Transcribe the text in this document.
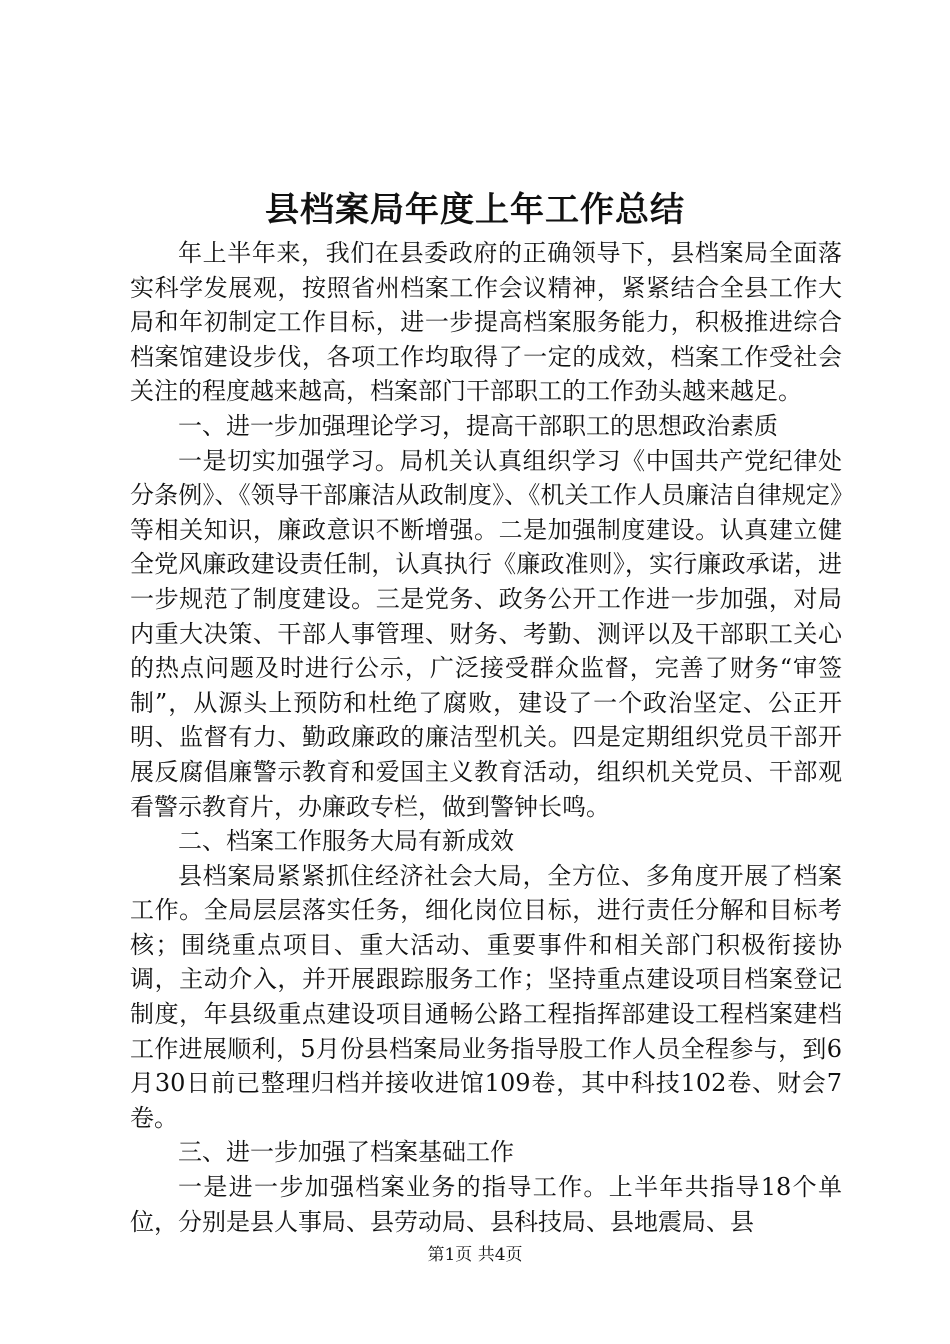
县档案局年度上年工作总结

年上半年来，我们在县委政府的正确领导下，县档案局全面落实科学发展观，按照省州档案工作会议精神，紧紧结合全县工作大局和年初制定工作目标，进一步提高档案服务能力，积极推进综合档案馆建设步伐，各项工作均取得了一定的成效，档案工作受社会关注的程度越来越高，档案部门干部职工的工作劲头越来越足。

一、进一步加强理论学习，提高干部职工的思想政治素质

一是切实加强学习。局机关认真组织学习《中国共产党纪律处分条例》、《领导干部廉洁从政制度》、《机关工作人员廉洁自律规定》等相关知识，廉政意识不断增强。二是加强制度建设。认真建立健全党风廉政建设责任制，认真执行《廉政准则》，实行廉政承诺，进一步规范了制度建设。三是党务、政务公开工作进一步加强，对局内重大决策、干部人事管理、财务、考勤、测评以及干部职工关心的热点问题及时进行公示，广泛接受群众监督，完善了财务“审签制”，从源头上预防和杜绝了腐败，建设了一个政治坚定、公正开明、监督有力、勤政廉政的廉洁型机关。四是定期组织党员干部开展反腐倡廉警示教育和爱国主义教育活动，组织机关党员、干部观看警示教育片，办廉政专栏，做到警钟长鸣。

二、档案工作服务大局有新成效

县档案局紧紧抓住经济社会大局，全方位、多角度开展了档案工作。全局层层落实任务，细化岗位目标，进行责任分解和目标考核；围绕重点项目、重大活动、重要事件和相关部门积极衔接协调，主动介入，并开展跟踪服务工作；坚持重点建设项目档案登记制度，年县级重点建设项目通畅公路工程指挥部建设工程档案建档工作进展顺利，5月份县档案局业务指导股工作人员全程参与，到6月30日前已整理归档并接收进馆109卷，其中科技102卷、财会7卷。

三、进一步加强了档案基础工作

一是进一步加强档案业务的指导工作。上半年共指导18个单位，分别是县人事局、县劳动局、县科技局、县地震局、县

第1页 共4页
